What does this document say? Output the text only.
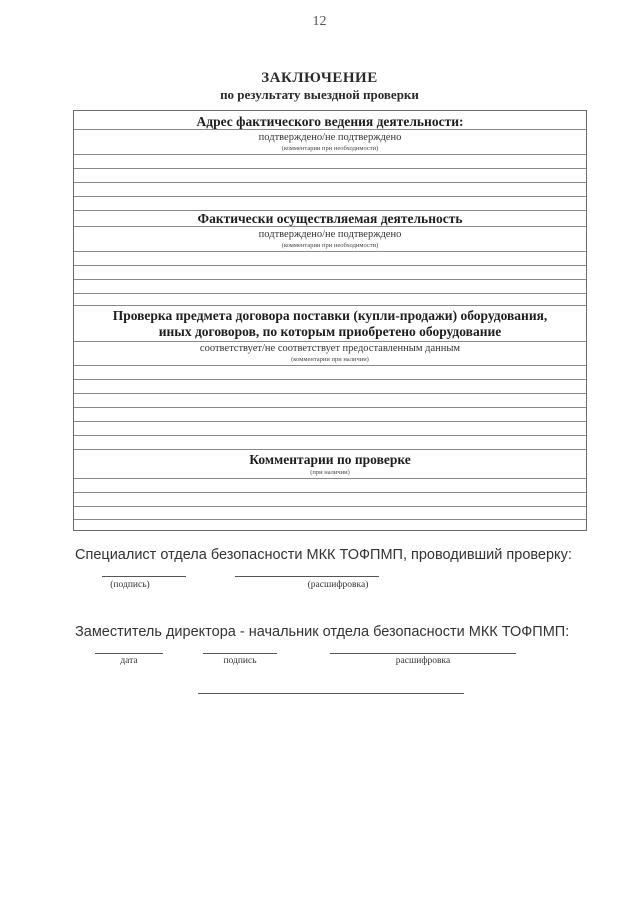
12
ЗАКЛЮЧЕНИЕ
по результату выездной проверки
Адрес фактического ведения деятельности:
подтверждено/не подтверждено
(комментарии при необходимости)
Фактически осуществляемая деятельность
подтверждено/не подтверждено
(комментарии при необходимости)
Проверка предмета договора поставки (купли-продажи) оборудования,
иных договоров, по которым приобретено оборудование
соответствует/не соответствует предоставленным данным
(комментарии при наличии)
Комментарии по проверке
(при наличии)
Специалист отдела безопасности МКК ТОФПМП, проводивший проверку:
(подпись)	(расшифровка)
Заместитель директора - начальник отдела безопасности МКК ТОФПМП:
дата	подпись	расшифровка
